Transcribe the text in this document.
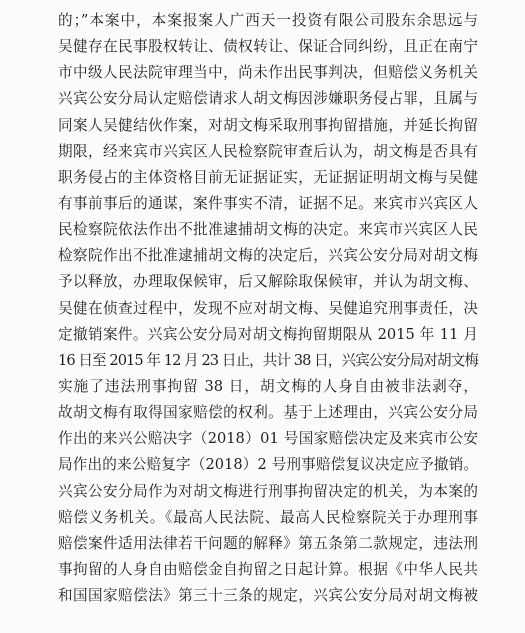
的；”本案中，本案报案人广西天一投资有限公司股东余思远与
吴健存在民事股权转让、债权转让、保证合同纠纷，且正在南宁
市中级人民法院审理当中，尚未作出民事判决，但赔偿义务机关
兴宾公安分局认定赔偿请求人胡文梅因涉嫌职务侵占罪，且属与
同案人吴健结伙作案，对胡文梅采取刑事拘留措施，并延长拘留
期限，经来宾市兴宾区人民检察院审查后认为，胡文梅是否具有
职务侵占的主体资格目前无证据证实，无证据证明胡文梅与吴健
有事前事后的通谋，案件事实不清，证据不足。来宾市兴宾区人
民检察院依法作出不批准逮捕胡文梅的决定。来宾市兴宾区人民
检察院作出不批准逮捕胡文梅的决定后，兴宾公安分局对胡文梅
予以释放，办理取保候审，后又解除取保候审，并认为胡文梅、
吴健在侦查过程中，发现不应对胡文梅、吴健追究刑事责任，决
定撤销案件。兴宾公安分局对胡文梅拘留期限从 2015 年 11 月
16 日至 2015 年 12 月 23 日止，共计 38 日，兴宾公安分局对胡文梅
实施了违法刑事拘留 38 日，胡文梅的人身自由被非法剥夺，
故胡文梅有取得国家赔偿的权利。基于上述理由，兴宾公安分局
作出的来兴公赔决字（2018）01 号国家赔偿决定及来宾市公安
局作出的来公赔复字（2018）2 号刑事赔偿复议决定应予撤销。
兴宾公安分局作为对胡文梅进行刑事拘留决定的机关，为本案的
赔偿义务机关。《最高人民法院、最高人民检察院关于办理刑事
赔偿案件适用法律若干问题的解释》第五条第二款规定，违法刑
事拘留的人身自由赔偿金自拘留之日起计算。根据《中华人民共
和国国家赔偿法》第三十三条的规定，兴宾公安分局对胡文梅被
